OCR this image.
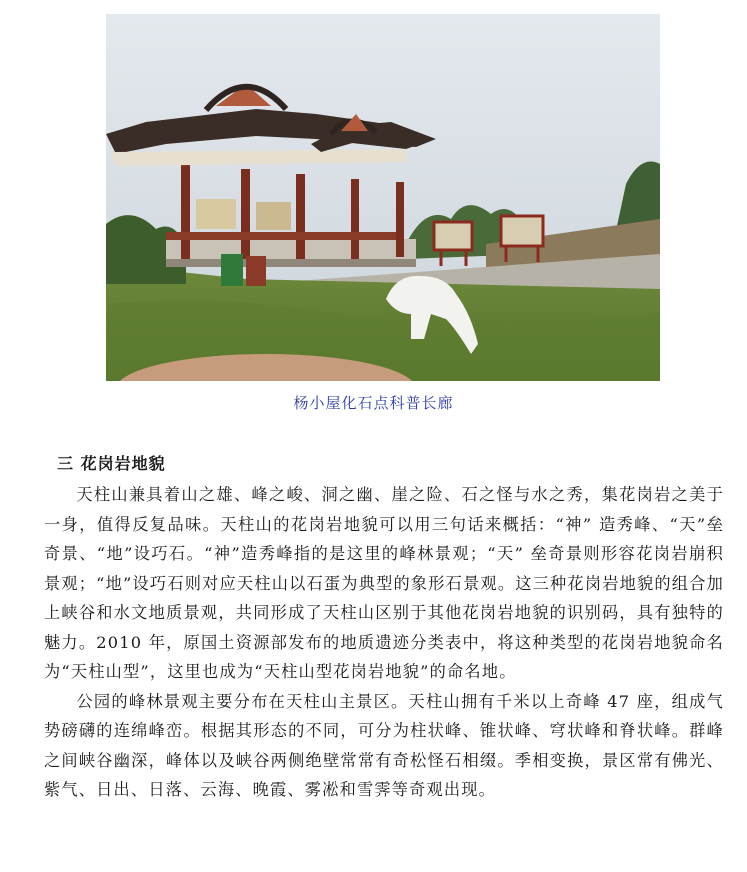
杨小屋化石点科普长廊
三 花岗岩地貌

天柱山兼具着山之雄、峰之峻、洞之幽、崖之险、石之怪与水之秀，集花岗岩之美于一身，值得反复品味。天柱山的花岗岩地貌可以用三句话来概括：“神” 造秀峰、“天”垒奇景、“地”设巧石。“神”造秀峰指的是这里的峰林景观；“天” 垒奇景则形容花岗岩崩积景观；“地”设巧石则对应天柱山以石蛋为典型的象形石景观。这三种花岗岩地貌的组合加上峡谷和水文地质景观，共同形成了天柱山区别于其他花岗岩地貌的识别码，具有独特的魅力。2010 年，原国土资源部发布的地质遗迹分类表中，将这种类型的花岗岩地貌命名为“天柱山型”，这里也成为“天柱山型花岗岩地貌”的命名地。

公园的峰林景观主要分布在天柱山主景区。天柱山拥有千米以上奇峰 47 座，组成气势磅礴的连绵峰峦。根据其形态的不同，可分为柱状峰、锥状峰、穹状峰和脊状峰。群峰之间峡谷幽深，峰体以及峡谷两侧绝壁常常有奇松怪石相缀。季相变换，景区常有佛光、紫气、日出、日落、云海、晚霞、雾凇和雪霁等奇观出现。
